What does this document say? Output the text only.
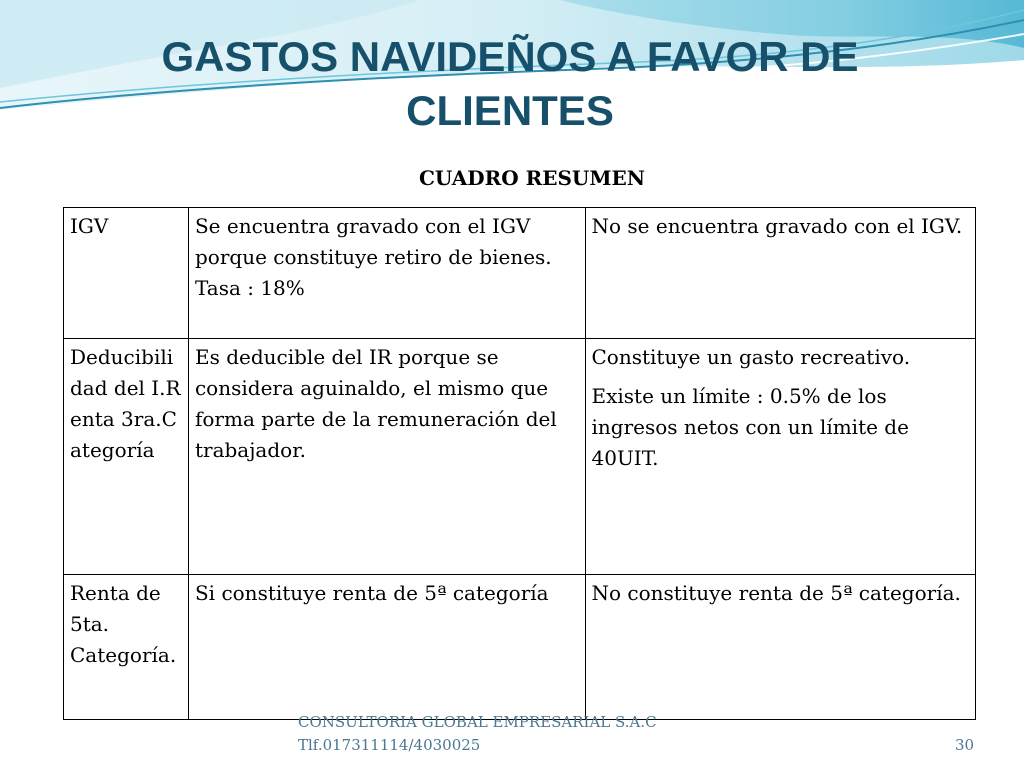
GASTOS NAVIDEÑOS A FAVOR DE CLIENTES
CUADRO RESUMEN
IGV	Se encuentra gravado con el IGV porque constituye retiro de bienes. Tasa : 18%	No se encuentra gravado con el IGV.

Deducibilidad del I.Renta 3ra.Categoría	Es deducible del IR porque se considera aguinaldo, el mismo que forma parte de la remuneración del trabajador.	Constituye un gasto recreativo.
Existe un límite : 0.5% de los ingresos netos con un límite de 40UIT.

Renta de 5ta. Categoría.	Si constituye renta de 5ª categoría	No constituye renta de 5ª categoría.
CONSULTORIA GLOBAL EMPRESARIAL S.A.C
Tlf.017311114/4030025	30
